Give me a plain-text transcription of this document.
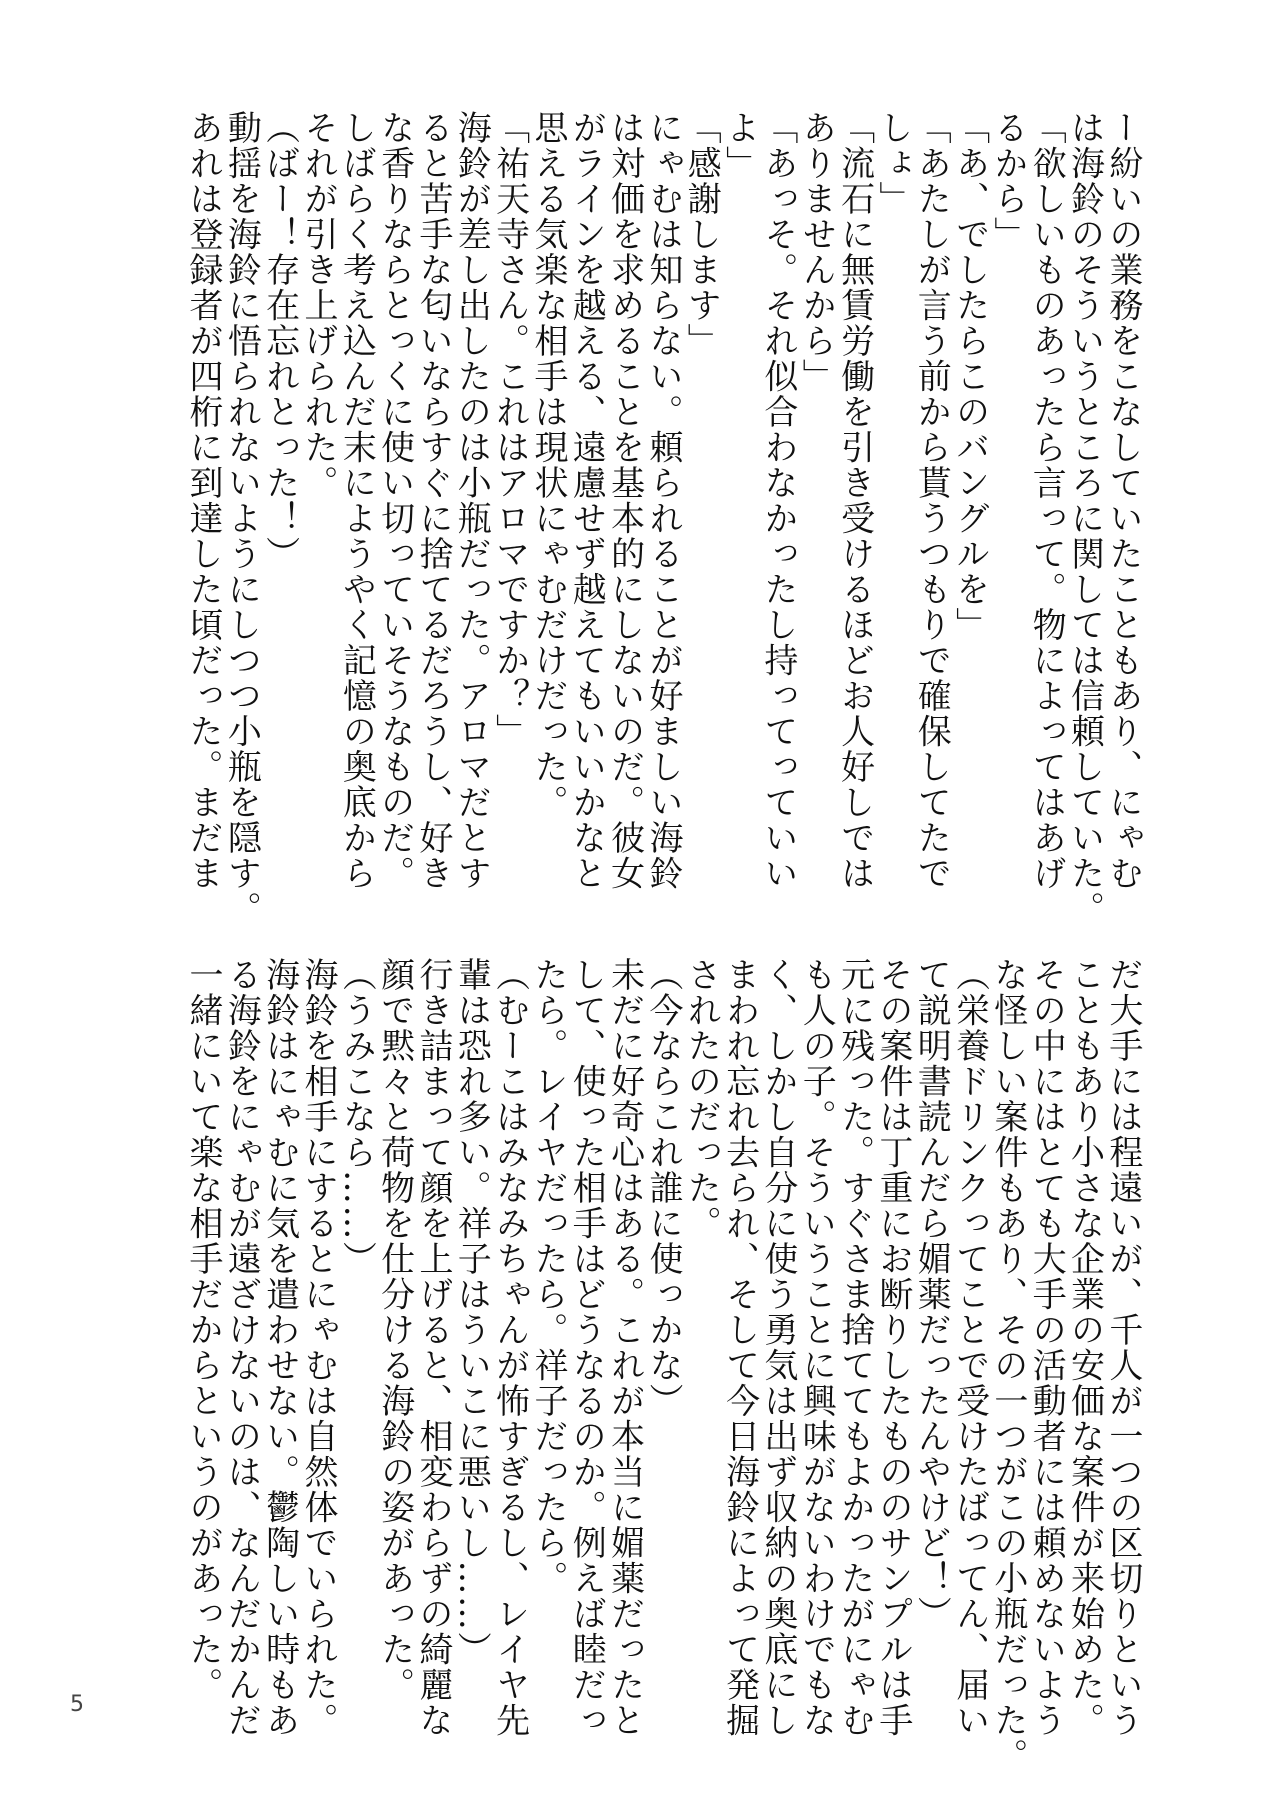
ー紛いの業務をこなしていたこともあり、にゃむ
は海鈴のそういうところに関しては信頼していた。
「欲しいものあったら言って。物によってはあげ
るから」
「あ、でしたらこのバングルを」
「あたしが言う前から貰うつもりで確保してたで
しょ」
「流石に無賃労働を引き受けるほどお人好しでは
ありませんから」
「あっそ。それ似合わなかったし持ってっていい
よ」
「感謝します」
にゃむは知らない。頼られることが好ましい海鈴
は対価を求めることを基本的にしないのだ。彼女
がラインを越える、遠慮せず越えてもいいかなと
思える気楽な相手は現状にゃむだけだった。
「祐天寺さん。これはアロマですか？」
海鈴が差し出したのは小瓶だった。アロマだとす
ると苦手な匂いならすぐに捨てるだろうし、好き
な香りならとっくに使い切っていそうなものだ。
しばらく考え込んだ末にようやく記憶の奥底から
それが引き上げられた。
（ばー！存在忘れとった！）
動揺を海鈴に悟られないようにしつつ小瓶を隠す。
あれは登録者が四桁に到達した頃だった。まだま
だ大手には程遠いが、千人が一つの区切りという
こともあり小さな企業の安価な案件が来始めた。
その中にはとても大手の活動者には頼めないよう
な怪しい案件もあり、その一つがこの小瓶だった。
（栄養ドリンクってことで受けたばってん、届い
て説明書読んだら媚薬だったんやけど！）
その案件は丁重にお断りしたもののサンプルは手
元に残った。すぐさま捨ててもよかったがにゃむ
も人の子。そういうことに興味がないわけでもな
く、しかし自分に使う勇気は出ず収納の奥底にし
まわれ忘れ去られ、そして今日海鈴によって発掘
されたのだった。
（今ならこれ誰に使っかな）
未だに好奇心はある。これが本当に媚薬だったと
して、使った相手はどうなるのか。例えば睦だっ
たら。レイヤだったら。祥子だったら。
（むーこはみなみちゃんが怖すぎるし、レイヤ先
輩は恐れ多い。祥子はういこに悪いし……）
行き詰まって顔を上げると、相変わらずの綺麗な
顔で黙々と荷物を仕分ける海鈴の姿があった。
（うみこなら……）
海鈴を相手にするとにゃむは自然体でいられた。
海鈴はにゃむに気を遣わせない。鬱陶しい時もあ
る海鈴をにゃむが遠ざけないのは、なんだかんだ
一緒にいて楽な相手だからというのがあった。
5
